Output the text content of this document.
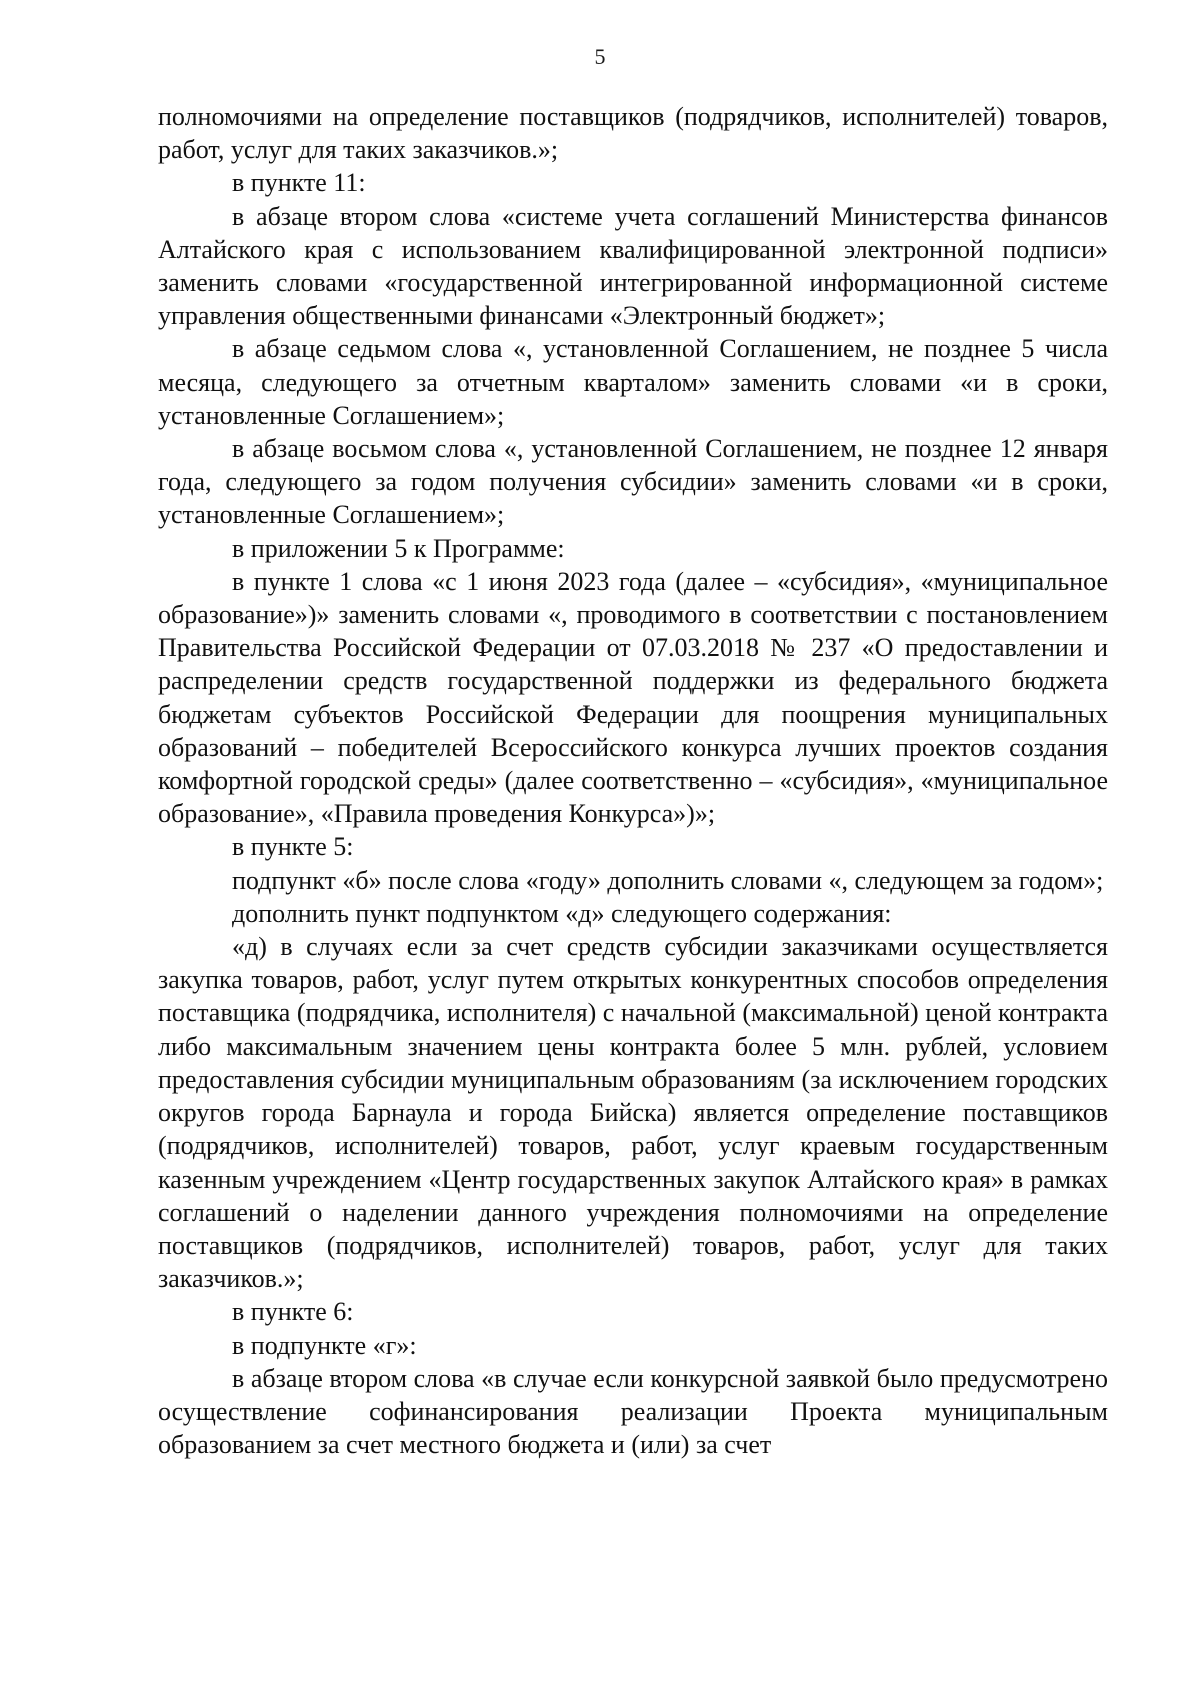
5

полномочиями на определение поставщиков (подрядчиков, исполнителей) товаров, работ, услуг для таких заказчиков.»;

в пункте 11:

в абзаце втором слова «системе учета соглашений Министерства финансов Алтайского края с использованием квалифицированной электронной подписи» заменить словами «государственной интегрированной информационной системе управления общественными финансами «Электронный бюджет»;

в абзаце седьмом слова «, установленной Соглашением, не позднее 5 числа месяца, следующего за отчетным кварталом» заменить словами «и в сроки, установленные Соглашением»;

в абзаце восьмом слова «, установленной Соглашением, не позднее 12 января года, следующего за годом получения субсидии» заменить словами «и в сроки, установленные Соглашением»;

в приложении 5 к Программе:

в пункте 1 слова «с 1 июня 2023 года (далее – «субсидия», «муниципальное образование»)» заменить словами «, проводимого в соответствии с постановлением Правительства Российской Федерации от 07.03.2018 № 237 «О предоставлении и распределении средств государственной поддержки из федерального бюджета бюджетам субъектов Российской Федерации для поощрения муниципальных образований – победителей Всероссийского конкурса лучших проектов создания комфортной городской среды» (далее соответственно – «субсидия», «муниципальное образование», «Правила проведения Конкурса»)»;

в пункте 5:

подпункт «б» после слова «году» дополнить словами «, следующем за годом»;

дополнить пункт подпунктом «д» следующего содержания:

«д) в случаях если за счет средств субсидии заказчиками осуществляется закупка товаров, работ, услуг путем открытых конкурентных способов определения поставщика (подрядчика, исполнителя) с начальной (максимальной) ценой контракта либо максимальным значением цены контракта более 5 млн. рублей, условием предоставления субсидии муниципальным образованиям (за исключением городских округов города Барнаула и города Бийска) является определение поставщиков (подрядчиков, исполнителей) товаров, работ, услуг краевым государственным казенным учреждением «Центр государственных закупок Алтайского края» в рамках соглашений о наделении данного учреждения полномочиями на определение поставщиков (подрядчиков, исполнителей) товаров, работ, услуг для таких заказчиков.»;

в пункте 6:

в подпункте «г»:

в абзаце втором слова «в случае если конкурсной заявкой было предусмотрено осуществление софинансирования реализации Проекта муниципальным образованием за счет местного бюджета и (или) за счет
